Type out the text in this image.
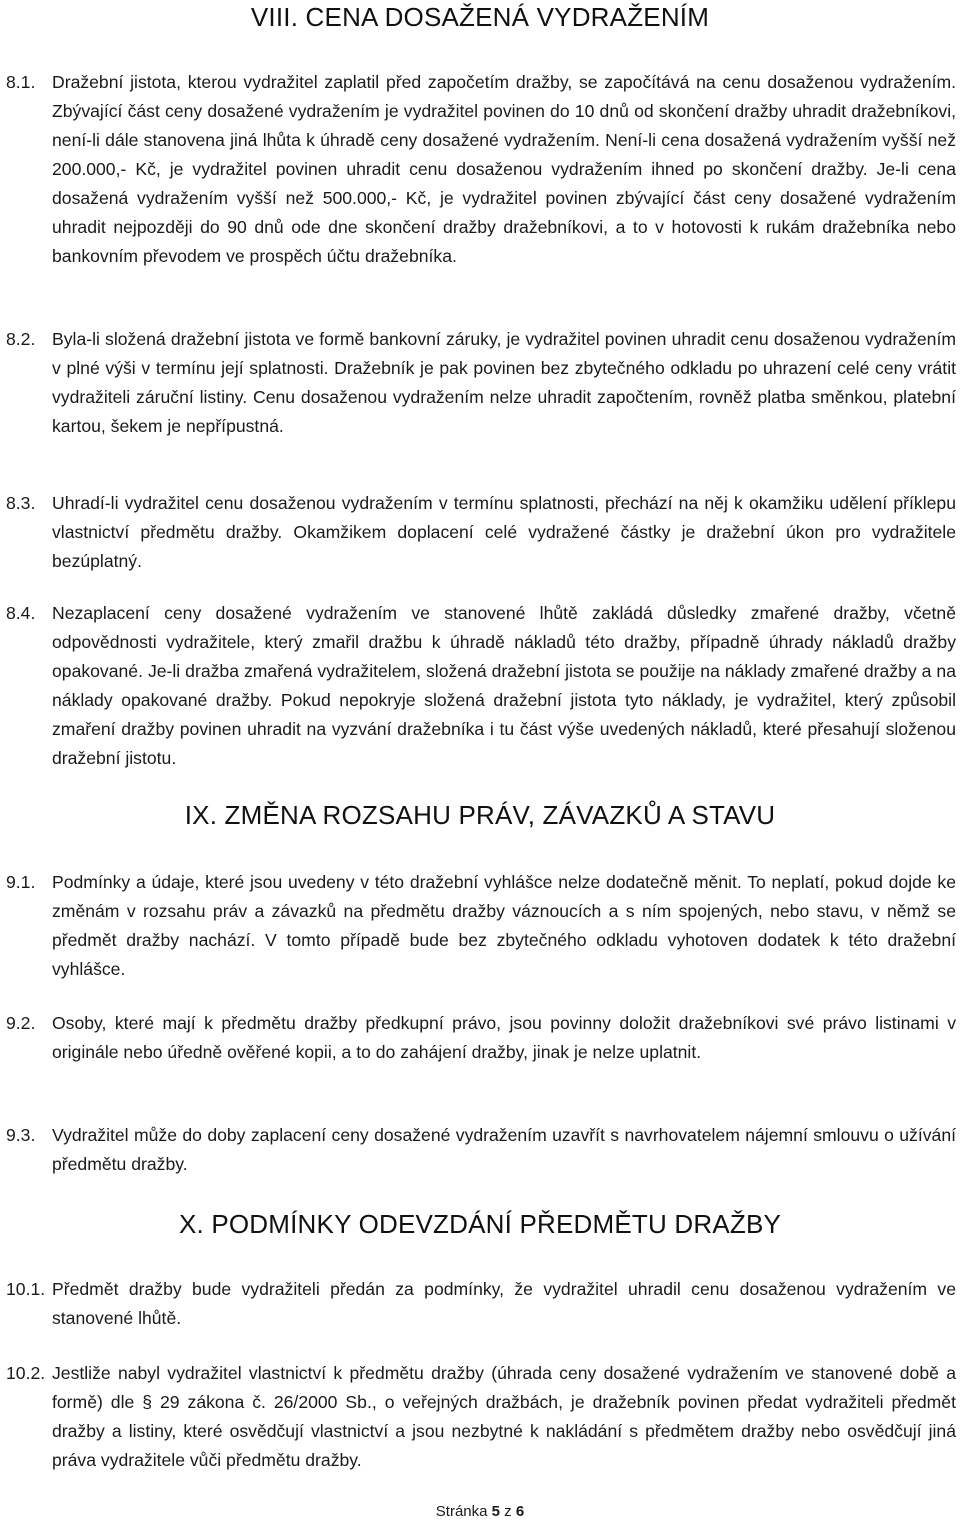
VIII. CENA DOSAŽENÁ VYDRAŽENÍM
8.1. Dražební jistota, kterou vydražitel zaplatil před započetím dražby, se započítává na cenu dosaženou vydražením. Zbývající část ceny dosažené vydražením je vydražitel povinen do 10 dnů od skončení dražby uhradit dražebníkovi, není-li dále stanovena jiná lhůta k úhradě ceny dosažené vydražením. Není-li cena dosažená vydražením vyšší než 200.000,- Kč, je vydražitel povinen uhradit cenu dosaženou vydražením ihned po skončení dražby. Je-li cena dosažená vydražením vyšší než 500.000,- Kč, je vydražitel povinen zbývající část ceny dosažené vydražením uhradit nejpozději do 90 dnů ode dne skončení dražby dražebníkovi, a to v hotovosti k rukám dražebníka nebo bankovním převodem ve prospěch účtu dražebníka.
8.2. Byla-li složená dražební jistota ve formě bankovní záruky, je vydražitel povinen uhradit cenu dosaženou vydražením v plné výši v termínu její splatnosti. Dražebník je pak povinen bez zbytečného odkladu po uhrazení celé ceny vrátit vydražiteli záruční listiny. Cenu dosaženou vydražením nelze uhradit započtením, rovněž platba směnkou, platební kartou, šekem je nepřípustná.
8.3. Uhradí-li vydražitel cenu dosaženou vydražením v termínu splatnosti, přechází na něj k okamžiku udělení příklepu vlastnictví předmětu dražby. Okamžikem doplacení celé vydražené částky je dražební úkon pro vydražitele bezúplatný.
8.4. Nezaplacení ceny dosažené vydražením ve stanovené lhůtě zakládá důsledky zmařené dražby, včetně odpovědnosti vydražitele, který zmařil dražbu k úhradě nákladů této dražby, případně úhrady nákladů dražby opakované. Je-li dražba zmařená vydražitelem, složená dražební jistota se použije na náklady zmařené dražby a na náklady opakované dražby. Pokud nepokryje složená dražební jistota tyto náklady, je vydražitel, který způsobil zmaření dražby povinen uhradit na vyzvání dražebníka i tu část výše uvedených nákladů, které přesahují složenou dražební jistotu.
IX. ZMĚNA ROZSAHU PRÁV, ZÁVAZKŮ A STAVU
9.1. Podmínky a údaje, které jsou uvedeny v této dražební vyhlášce nelze dodatečně měnit. To neplatí, pokud dojde ke změnám v rozsahu práv a závazků na předmětu dražby váznoucích a s ním spojených, nebo stavu, v němž se předmět dražby nachází. V tomto případě bude bez zbytečného odkladu vyhotoven dodatek k této dražební vyhlášce.
9.2. Osoby, které mají k předmětu dražby předkupní právo, jsou povinny doložit dražebníkovi své právo listinami v originále nebo úředně ověřené kopii, a to do zahájení dražby, jinak je nelze uplatnit.
9.3. Vydražitel může do doby zaplacení ceny dosažené vydražením uzavřít s navrhovatelem nájemní smlouvu o užívání předmětu dražby.
X. PODMÍNKY ODEVZDÁNÍ PŘEDMĚTU DRAŽBY
10.1. Předmět dražby bude vydražiteli předán za podmínky, že vydražitel uhradil cenu dosaženou vydražením ve stanovené lhůtě.
10.2. Jestliže nabyl vydražitel vlastnictví k předmětu dražby (úhrada ceny dosažené vydražením ve stanovené době a formě) dle § 29 zákona č. 26/2000 Sb., o veřejných dražbách, je dražebník povinen předat vydražiteli předmět dražby a listiny, které osvědčují vlastnictví a jsou nezbytné k nakládání s předmětem dražby nebo osvědčují jiná práva vydražitele vůči předmětu dražby.
Stránka 5 z 6
